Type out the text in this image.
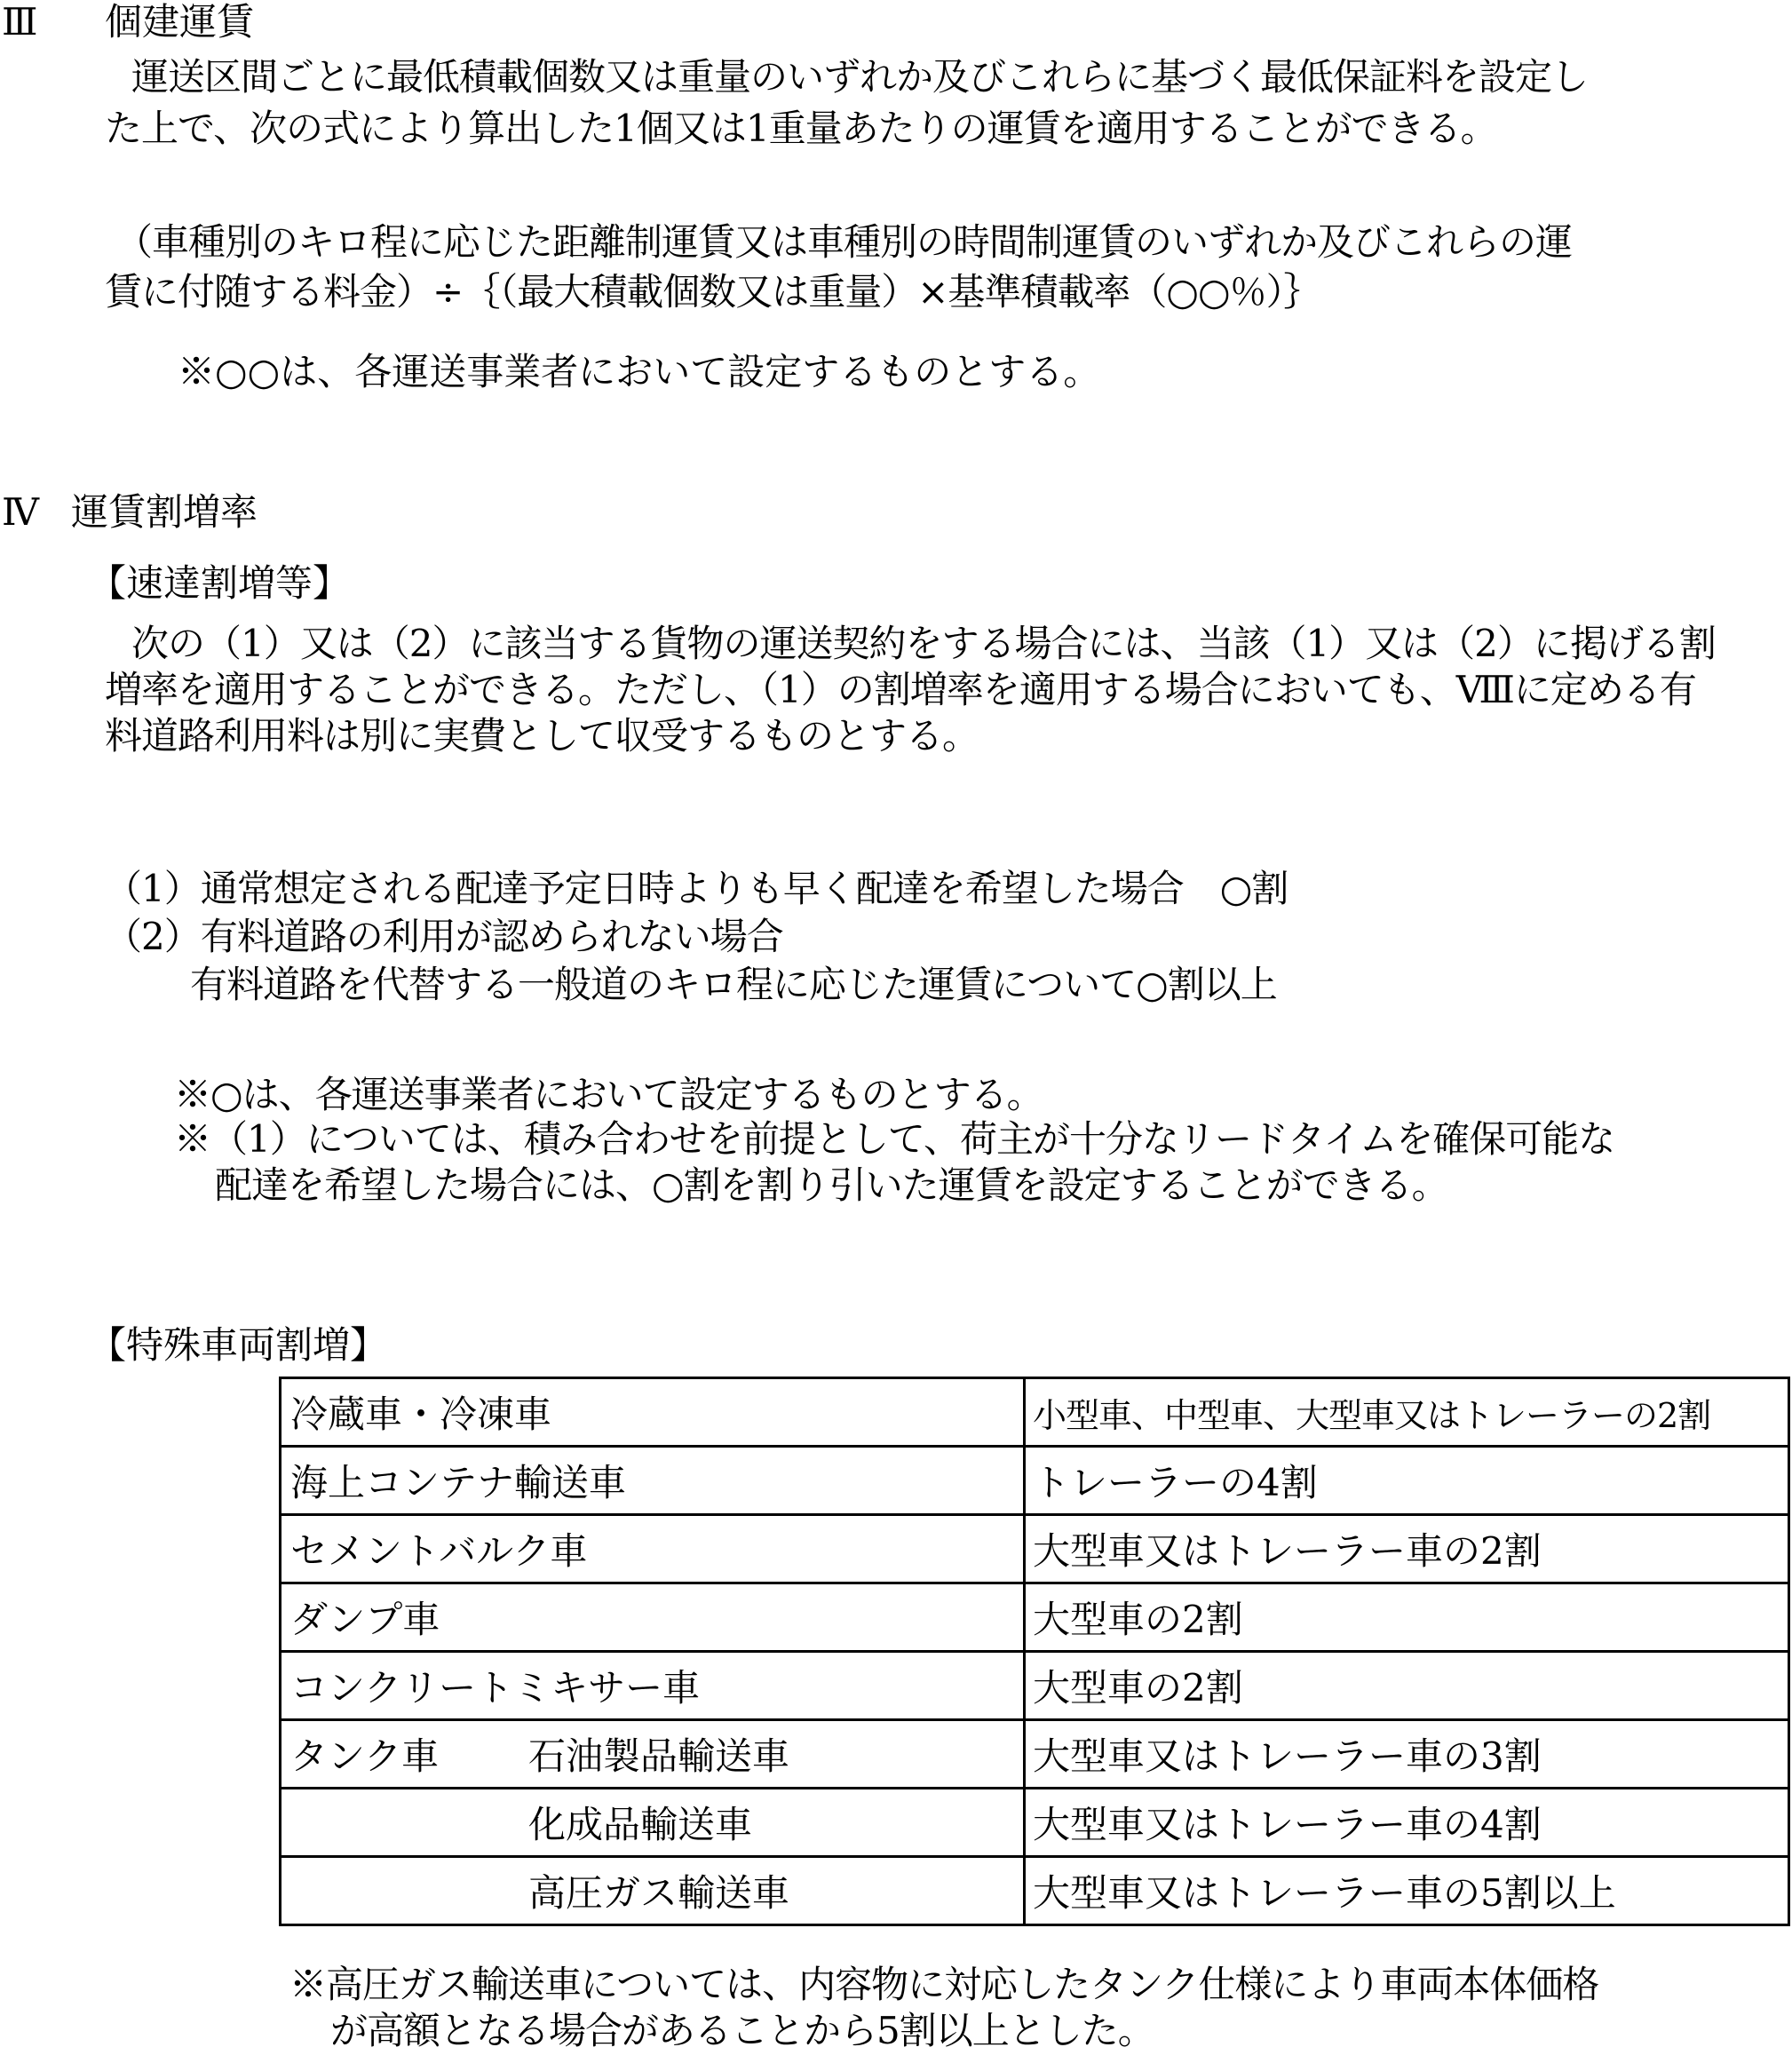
Ⅲ 個建運賃
運送区間ごとに最低積載個数又は重量のいずれか及びこれらに基づく最低保証料を設定し
た上で、次の式により算出した1個又は1重量あたりの運賃を適用することができる。
（車種別のキロ程に応じた距離制運賃又は車種別の時間制運賃のいずれか及びこれらの運
賃に付随する料金）÷｛（最大積載個数又は重量）×基準積載率（○○％）｝
※○○は、各運送事業者において設定するものとする。
Ⅳ 運賃割増率
【速達割増等】
次の（1）又は（2）に該当する貨物の運送契約をする場合には、当該（1）又は（2）に掲げる割
増率を適用することができる。ただし、（1）の割増率を適用する場合においても、Ⅷに定める有
料道路利用料は別に実費として収受するものとする。
（1）通常想定される配達予定日時よりも早く配達を希望した場合　○割
（2）有料道路の利用が認められない場合
有料道路を代替する一般道のキロ程に応じた運賃について○割以上
※○は、各運送事業者において設定するものとする。
※（1）については、積み合わせを前提として、荷主が十分なリードタイムを確保可能な
配達を希望した場合には、○割を割り引いた運賃を設定することができる。
【特殊車両割増】
冷蔵車・冷凍車	小型車、中型車、大型車又はトレーラーの2割
海上コンテナ輸送車	トレーラーの4割
セメントバルク車	大型車又はトレーラー車の2割
ダンプ車	大型車の2割
コンクリートミキサー車	大型車の2割
タンク車 石油製品輸送車	大型車又はトレーラー車の3割
化成品輸送車	大型車又はトレーラー車の4割
高圧ガス輸送車	大型車又はトレーラー車の5割以上
※高圧ガス輸送車については、内容物に対応したタンク仕様により車両本体価格
が高額となる場合があることから5割以上とした。
